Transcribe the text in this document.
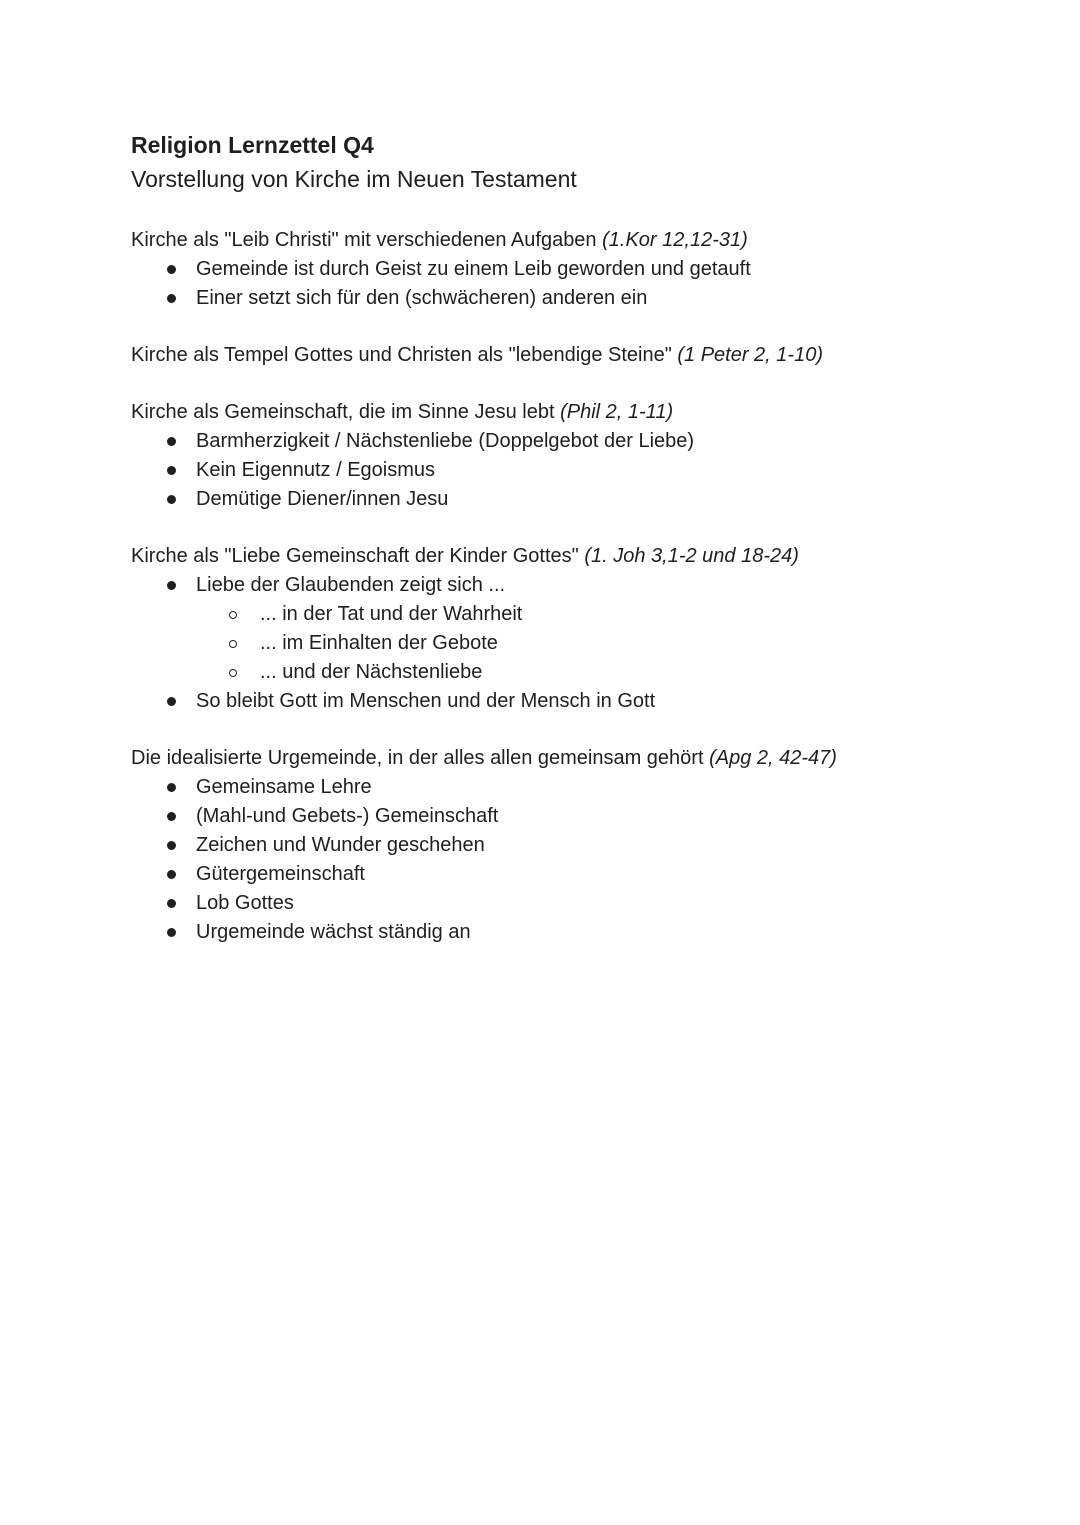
Religion Lernzettel Q4

Vorstellung von Kirche im Neuen Testament

Kirche als "Leib Christi" mit verschiedenen Aufgaben (1.Kor 12,12-31)

Gemeinde ist durch Geist zu einem Leib geworden und getauft
Einer setzt sich für den (schwächeren) anderen ein

Kirche als Tempel Gottes und Christen als "lebendige Steine" (1 Peter 2, 1-10)

Kirche als Gemeinschaft, die im Sinne Jesu lebt (Phil 2, 1-11)

Barmherzigkeit / Nächstenliebe (Doppelgebot der Liebe)
Kein Eigennutz / Egoismus
Demütige Diener/innen Jesu

Kirche als "Liebe Gemeinschaft der Kinder Gottes" (1. Joh 3,1-2 und 18-24)

Liebe der Glaubenden zeigt sich ...
... in der Tat und der Wahrheit
... im Einhalten der Gebote
... und der Nächstenliebe
So bleibt Gott im Menschen und der Mensch in Gott

Die idealisierte Urgemeinde, in der alles allen gemeinsam gehört (Apg 2, 42-47)

Gemeinsame Lehre
(Mahl-und Gebets-) Gemeinschaft
Zeichen und Wunder geschehen
Gütergemeinschaft
Lob Gottes
Urgemeinde wächst ständig an
